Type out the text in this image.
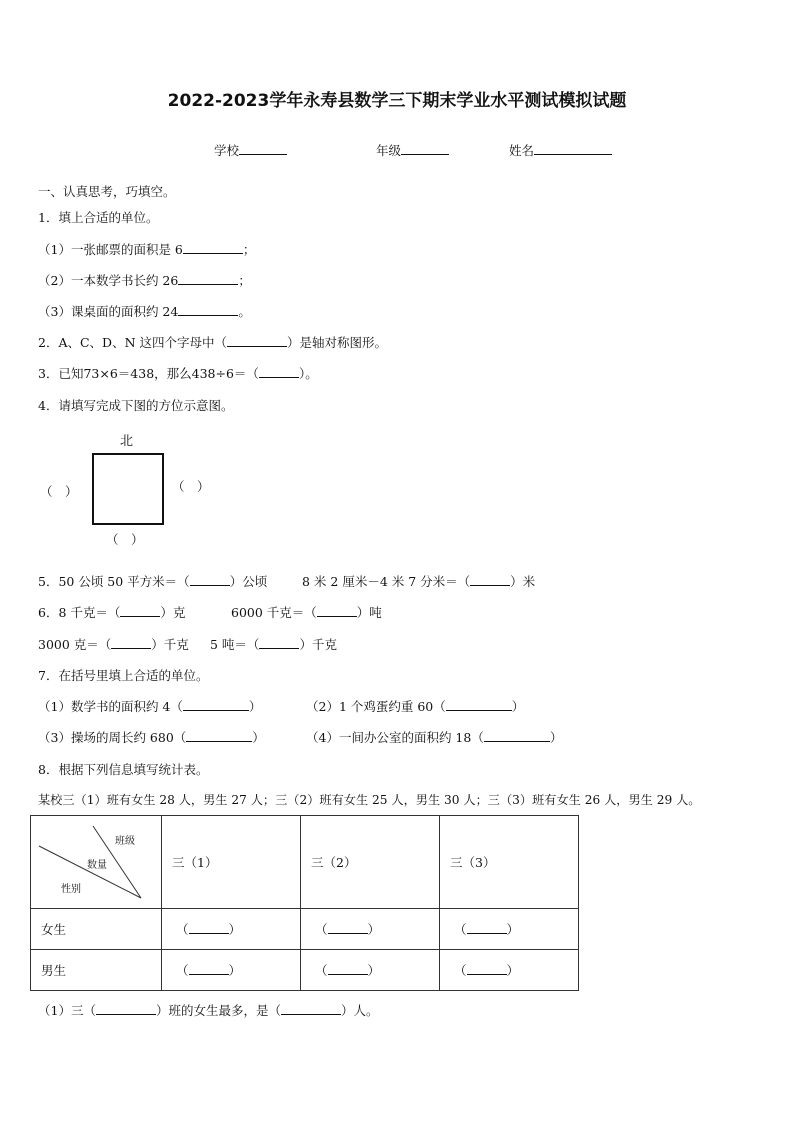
2022-2023学年永寿县数学三下期末学业水平测试模拟试题
学校	年级	姓名
一、认真思考，巧填空。
1．填上合适的单位。
（1）一张邮票的面积是 6	；
（2）一本数学书长约 26	；
（3）课桌面的面积约 24	。
2．A、C、D、N 这四个字母中（	）是轴对称图形。
3．已知73×6＝438，那么438÷6＝（	）。
4．请填写完成下图的方位示意图。
北
（　）	（　）
（　）
5．50 公顷 50 平方米＝（	）公顷	8 米 2 厘米－4 米 7 分米＝（	）米
6．8 千克＝（	）克	6000 千克＝（	）吨
3000 克＝（	）千克 5 吨＝（	）千克
7．在括号里填上合适的单位。
（1）数学书的面积约 4（	）	（2）1 个鸡蛋约重 60（	）
（3）操场的周长约 680（	）	（4）一间办公室的面积约 18（	）
8．根据下列信息填写统计表。
某校三（1）班有女生 28 人，男生 27 人；三（2）班有女生 25 人，男生 30 人；三（3）班有女生 26 人，男生 29 人。
班级
数量
性别	三（1）	三（2）	三（3）
女生	（ ）	（ ）	（ ）
男生	（ ）	（ ）	（ ）
（1）三（	）班的女生最多，是（	）人。
